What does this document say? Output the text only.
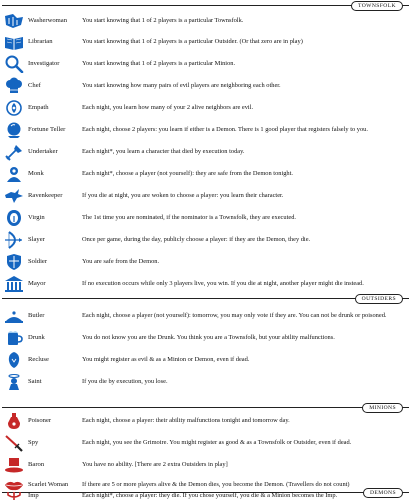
TOWNSFOLK
Washerwoman	You start knowing that 1 of 2 players is a particular Townsfolk.
Librarian	You start knowing that 1 of 2 players is a particular Outsider. (Or that zero are in play)
Investigator	You start knowing that 1 of 2 players is a particular Minion.
Chef	You start knowing how many pairs of evil players are neighboring each other.
Empath	Each night, you learn how many of your 2 alive neighbors are evil.
Fortune Teller	Each night, choose 2 players: you learn if either is a Demon. There is 1 good player that registers falsely to you.
Undertaker	Each night*, you learn a character that died by execution today.
Monk	Each night*, choose a player (not yourself): they are safe from the Demon tonight.
Ravenkeeper	If you die at night, you are woken to choose a player: you learn their character.
Virgin	The 1st time you are nominated, if the nominator is a Townsfolk, they are executed.
Slayer	Once per game, during the day, publicly choose a player: if they are the Demon, they die.
Soldier	You are safe from the Demon.
Mayor	If no execution occurs while only 3 players live, you win. If you die at night, another player might die instead.
OUTSIDERS
Butler	Each night, choose a player (not yourself): tomorrow, you may only vote if they are. You can not be drunk or poisoned.
Drunk	You do not know you are the Drunk. You think you are a Townsfolk, but your ability malfunctions.
Recluse	You might register as evil & as a Minion or Demon, even if dead.
Saint	If you die by execution, you lose.
MINIONS
Poisoner	Each night, choose a player: their ability malfunctions tonight and tomorrow day.
Spy	Each night, you see the Grimoire. You might register as good & as a Townsfolk or Outsider, even if dead.
Baron	You have no ability. [There are 2 extra Outsiders in play]
Scarlet Woman	If there are 5 or more players alive & the Demon dies, you become the Demon. (Travellers do not count)
DEMONS
Imp	Each night*, choose a player: they die. If you chose yourself, you die & a Minion becomes the Imp.
